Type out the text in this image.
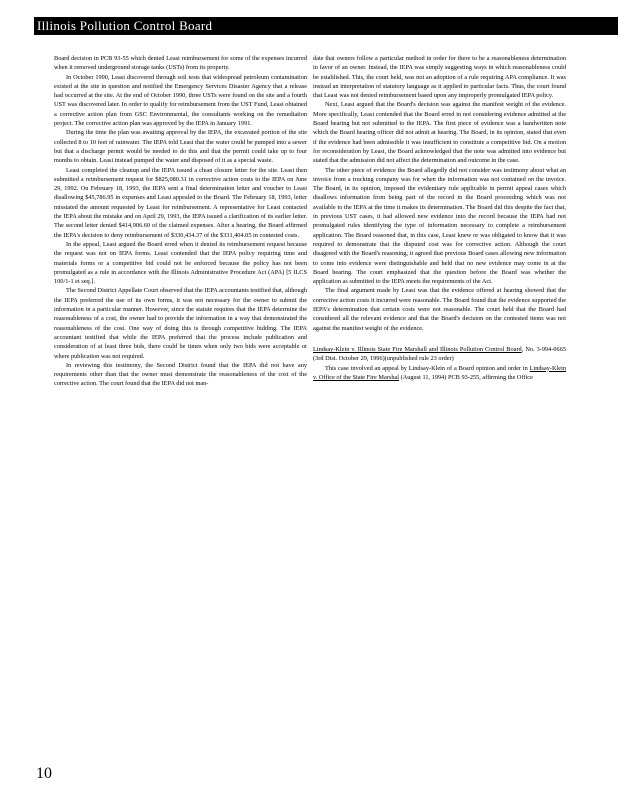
Illinois Pollution Control Board

Board decision in PCB 93-55 which denied Leasi reimbursement for some of the expenses incurred when it removed underground storage tanks (USTs) from its property.

In October 1990, Leasi discovered through soil tests that widespread petroleum contamination existed at the site in question and notified the Emergency Services Disaster Agency that a release had occurred at the site. At the end of October 1990, three USTs were found on the site and a fourth UST was discovered later. In order to qualify for reimbursement from the UST Fund, Leasi obtained a corrective action plan from GSC Environmental, the consultants working on the remediation project. The corrective action plan was approved by the IEPA in January 1991.

During the time the plan was awaiting approval by the IEPA, the excavated portion of the site collected 8 to 10 feet of rainwater. The IEPA told Leasi that the water could be pumped into a sewer but that a discharge permit would be needed to do this and that the permit could take up to four months to obtain. Leasi instead pumped the water and disposed of it as a special waste.

Leasi completed the cleanup and the IEPA issued a clean closure letter for the site. Leasi then submitted a reimbursement request for $825,080.31 in corrective action costs to the IEPA on June 29, 1992. On February 18, 1993, the IEPA sent a final determination letter and voucher to Leasi disallowing $45,786.95 in expenses and Leasi appealed to the Board. The February 18, 1993, letter misstated the amount requested by Leasi for reimbursement. A representative for Leasi contacted the IEPA about the mistake and on April 29, 1993, the IEPA issued a clarification of its earlier letter. The second letter denied $414,906.60 of the claimed expenses. After a hearing, the Board affirmed the IEPA's decision to deny reimbursement of $330,434.37 of the $331,404.05 in contested costs.

In the appeal, Leasi argued the Board erred when it denied its reimbursement request because the request was not on IEPA forms. Leasi contended that the IEPA policy requiring time and materials forms or a competitive bid could not be enforced because the policy has not been promulgated as a rule in accordance with the Illinois Administrative Procedure Act (APA) [5 ILCS 100/1-1 et seq.].

The Second District Appellate Court observed that the IEPA accountants testified that, although the IEPA preferred the use of its own forms, it was not necessary for the owner to submit the information in a particular manner. However, since the statute requires that the IEPA determine the reasonableness of a cost, the owner had to provide the information in a way that demonstrated the reasonableness of the cost. One way of doing this is through competitive bidding. The IEPA accountant testified that while the IEPA preferred that the process include publication and consideration of at least three bids, there could be times when only two bids were acceptable or where publication was not required.

In reviewing this testimony, the Second District found that the IEPA did not have any requirements other than that the owner must demonstrate the reasonableness of the cost of the corrective action. The court found that the IEPA did not man-

date that owners follow a particular method in order for there to be a reasonableness determination in favor of an owner. Instead, the IEPA was simply suggesting ways in which reasonableness could be established. This, the court held, was not an adoption of a rule requiring APA compliance. It was instead an interpretation of statutory language as it applied to particular facts. Thus, the court found that Leasi was not denied reimbursement based upon any improperly promulgated IEPA policy.

Next, Leasi argued that the Board's decision was against the manifest weight of the evidence. More specifically, Leasi contended that the Board erred in not considering evidence admitted at the Board hearing but not submitted to the IEPA. The first piece of evidence was a handwritten note which the Board hearing officer did not admit at hearing. The Board, in its opinion, stated that even if the evidence had been admissible it was insufficient to constitute a competitive bid. On a motion for reconsideration by Leasi, the Board acknowledged that the note was admitted into evidence but stated that the admission did not affect the determination and outcome in the case.

The other piece of evidence the Board allegedly did not consider was testimony about what an invoice from a trucking company was for when the information was not contained on the invoice. The Board, in its opinion, imposed the evidentiary rule applicable in permit appeal cases which disallows information from being part of the record in the Board proceeding which was not available to the IEPA at the time it makes its determination. The Board did this despite the fact that, in previous UST cases, it had allowed new evidence into the record because the IEPA had not promulgated rules identifying the type of information necessary to complete a reimbursement application. The Board reasoned that, in this case, Leasi knew or was obligated to know that it was required to demonstrate that the disputed cost was for corrective action. Although the court disagreed with the Board's reasoning, it agreed that previous Board cases allowing new information to come into evidence were distinguishable and held that no new evidence may come in at the Board hearing. The court emphasized that the question before the Board was whether the application as submitted to the IEPA meets the requirements of the Act.

The final argument made by Leasi was that the evidence offered at hearing showed that the corrective action costs it incurred were reasonable. The Board found that the evidence supported the IEPA's determination that certain costs were not reasonable. The court held that the Board had considered all the relevant evidence and that the Board's decision on the contested items was not against the manifest weight of the evidence.

Lindsay-Klein v. Illinois State Fire Marshall and Illinois Pollution Control Board, No. 3-994-0665 (3rd Dist. October 29, 1996)(unpublished rule 23 order)

This case involved an appeal by Lindsay-Klein of a Board opinion and order in Lindsay-Klein v. Office of the State Fire Marshal (August 11, 1994) PCB 93-255, affirming the Office

10
